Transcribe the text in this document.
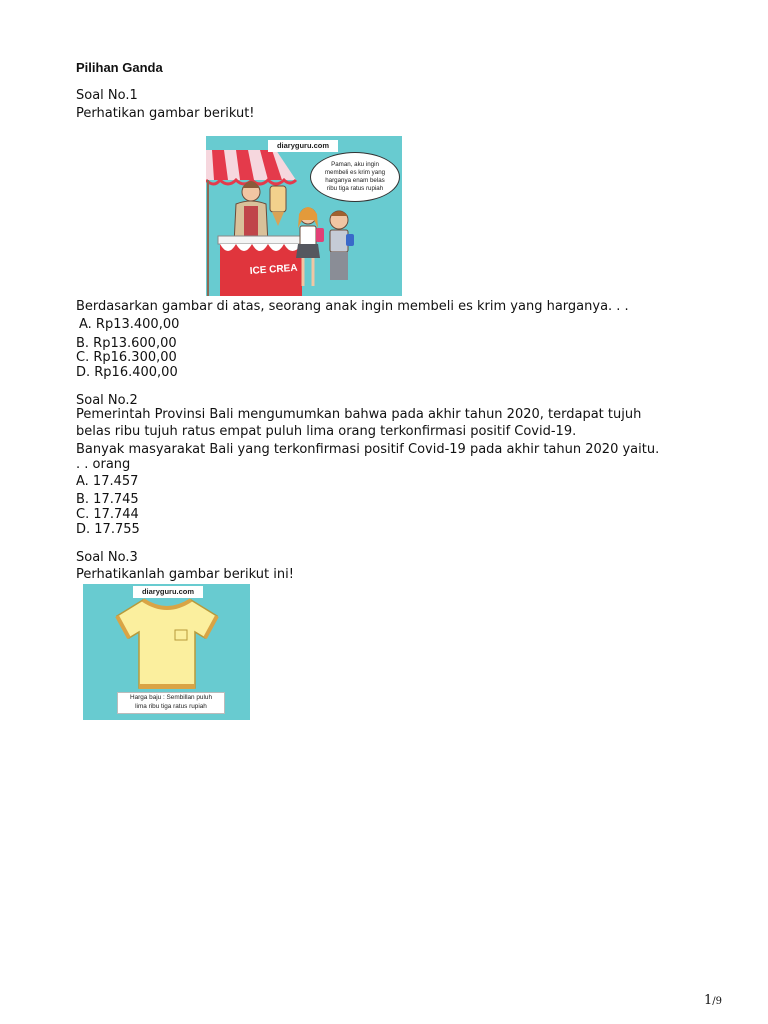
Pilihan Ganda
Soal No.1
Perhatikan gambar berikut!
ICE CREA
diaryguru.com
Paman, aku ingin
membeli es krim yang
harganya enam belas
ribu tiga ratus rupiah
Berdasarkan gambar di atas, seorang anak ingin membeli es krim yang harganya. . .
A. Rp13.400,00
B. Rp13.600,00
C. Rp16.300,00
D. Rp16.400,00
Soal No.2
Pemerintah Provinsi Bali mengumumkan bahwa pada akhir tahun 2020, terdapat tujuh
belas ribu tujuh ratus empat puluh lima orang terkonfirmasi positif Covid-19.
Banyak masyarakat Bali yang terkonfirmasi positif Covid-19 pada akhir tahun 2020 yaitu.
. . orang
A. 17.457
B. 17.745
C. 17.744
D. 17.755
Soal No.3
Perhatikanlah gambar berikut ini!
diaryguru.com
Harga baju : Sembillan puluh
lima ribu tiga ratus rupiah
1/9
